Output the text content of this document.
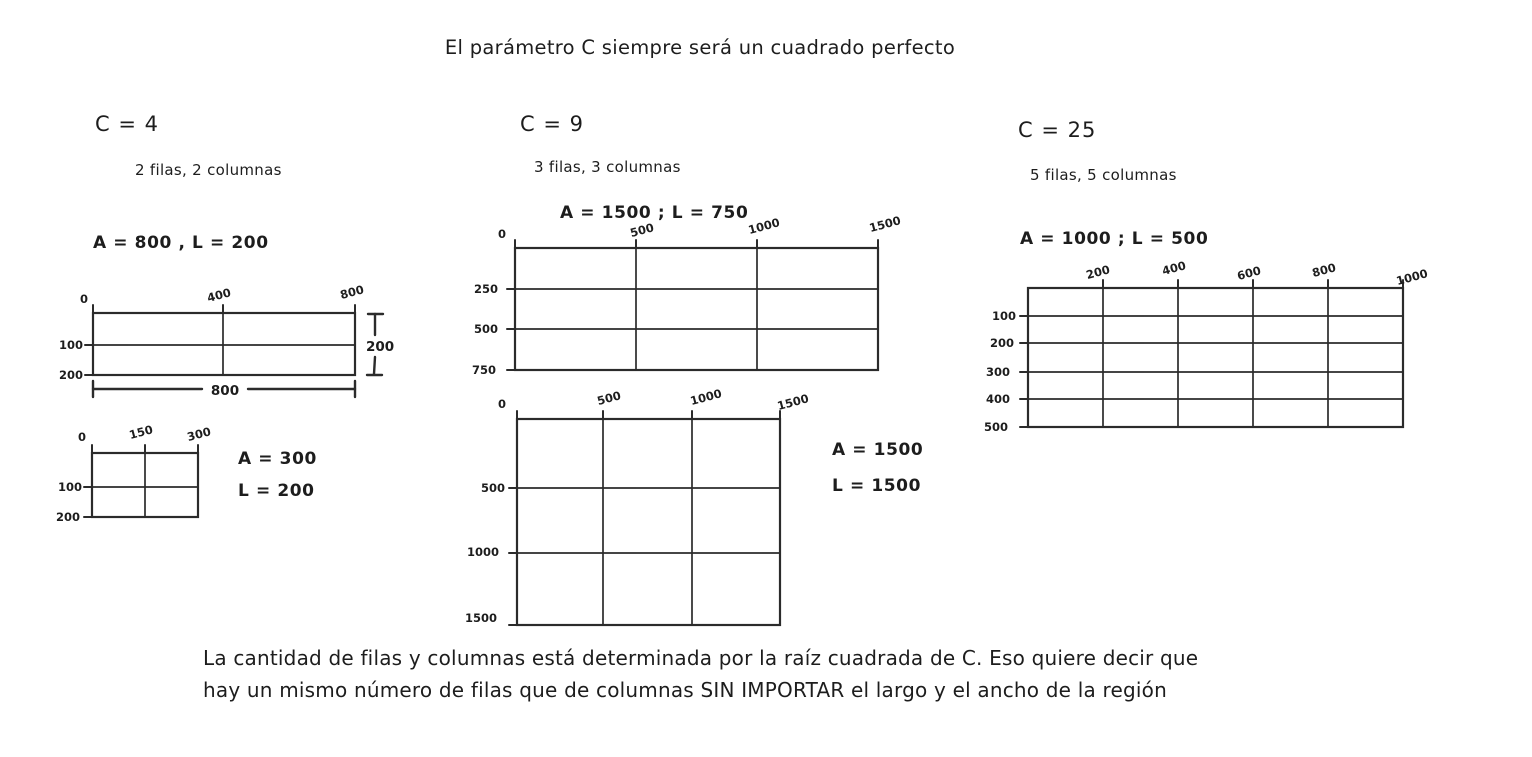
El parámetro C siempre será un cuadrado perfecto
C = 4
2 filas, 2 columnas
A = 800 , L = 200
0	400	800
100
200
200
800
0	150	300
100
200
A = 300
L = 200
C = 9
3 filas, 3 columnas
A = 1500 ; L = 750
0	500	1000	1500
250
500
750
0	500	1000	1500
500
1000
1500
A = 1500
L = 1500
C = 25
5 filas, 5 columnas
A = 1000 ; L = 500
200	400	600	800	1000
100
200
300
400
500
La cantidad de filas y columnas está determinada por la raíz cuadrada de C. Eso quiere decir que
hay un mismo número de filas que de columnas SIN IMPORTAR el largo y el ancho de la región
